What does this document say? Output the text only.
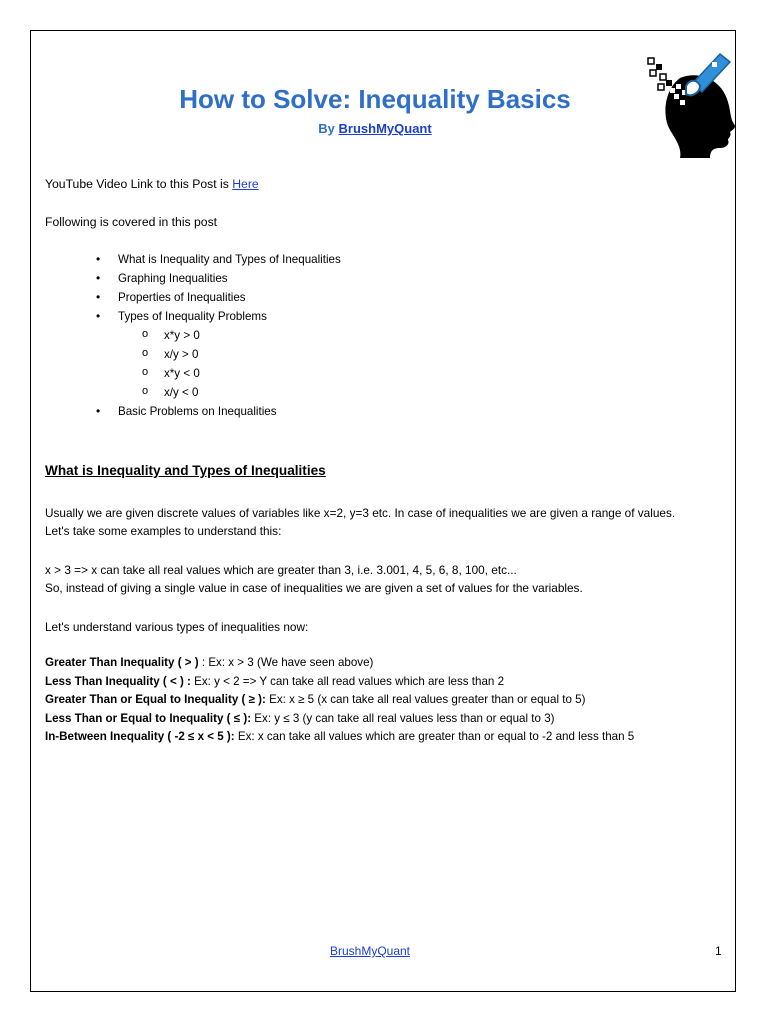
How to Solve: Inequality Basics
By BrushMyQuant
YouTube Video Link to this Post is Here
Following is covered in this post
• What is Inequality and Types of Inequalities
• Graphing Inequalities
• Properties of Inequalities
• Types of Inequality Problems
o x*y > 0
o x/y > 0
o x*y < 0
o x/y < 0
• Basic Problems on Inequalities
What is Inequality and Types of Inequalities
Usually we are given discrete values of variables like x=2, y=3 etc. In case of inequalities we are given a range of values.
Let's take some examples to understand this:
x > 3 => x can take all real values which are greater than 3, i.e. 3.001, 4, 5, 6, 8, 100, etc...
So, instead of giving a single value in case of inequalities we are given a set of values for the variables.
Let's understand various types of inequalities now:
Greater Than Inequality ( > ) : Ex: x > 3 (We have seen above)
Less Than Inequality ( < ) : Ex: y < 2 => Y can take all read values which are less than 2
Greater Than or Equal to Inequality ( ≥ ): Ex: x ≥ 5 (x can take all real values greater than or equal to 5)
Less Than or Equal to Inequality ( ≤ ): Ex: y ≤ 3 (y can take all real values less than or equal to 3)
In-Between Inequality ( -2 ≤ x < 5 ): Ex: x can take all values which are greater than or equal to -2 and less than 5
BrushMyQuant	1
